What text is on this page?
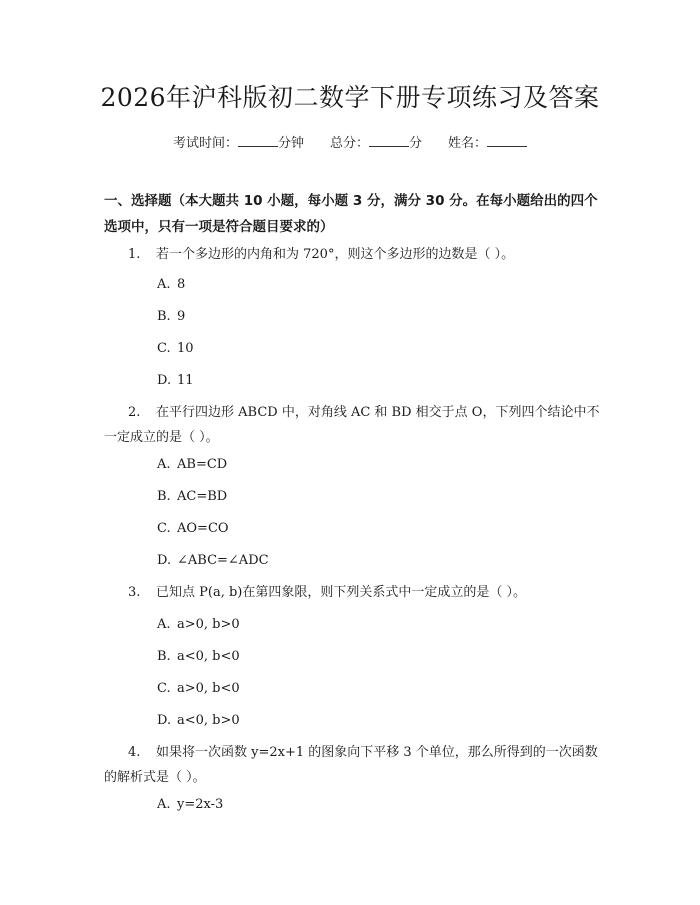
2026年沪科版初二数学下册专项练习及答案
考试时间：	分钟 总分：	分 姓名：
一、选择题（本大题共 10 小题，每小题 3 分，满分 30 分。在每小题给出的四个选项中，只有一项是符合题目要求的）
1. 若一个多边形的内角和为 720°，则这个多边形的边数是（ ）。
A. 8
B. 9
C. 10
D. 11
2. 在平行四边形 ABCD 中，对角线 AC 和 BD 相交于点 O，下列四个结论中不一定成立的是（ ）。
A. AB=CD
B. AC=BD
C. AO=CO
D. ∠ABC=∠ADC
3. 已知点 P(a, b)在第四象限，则下列关系式中一定成立的是（ ）。
A. a>0, b>0
B. a<0, b<0
C. a>0, b<0
D. a<0, b>0
4. 如果将一次函数 y=2x+1 的图象向下平移 3 个单位，那么所得到的一次函数的解析式是（ ）。
A. y=2x-3
